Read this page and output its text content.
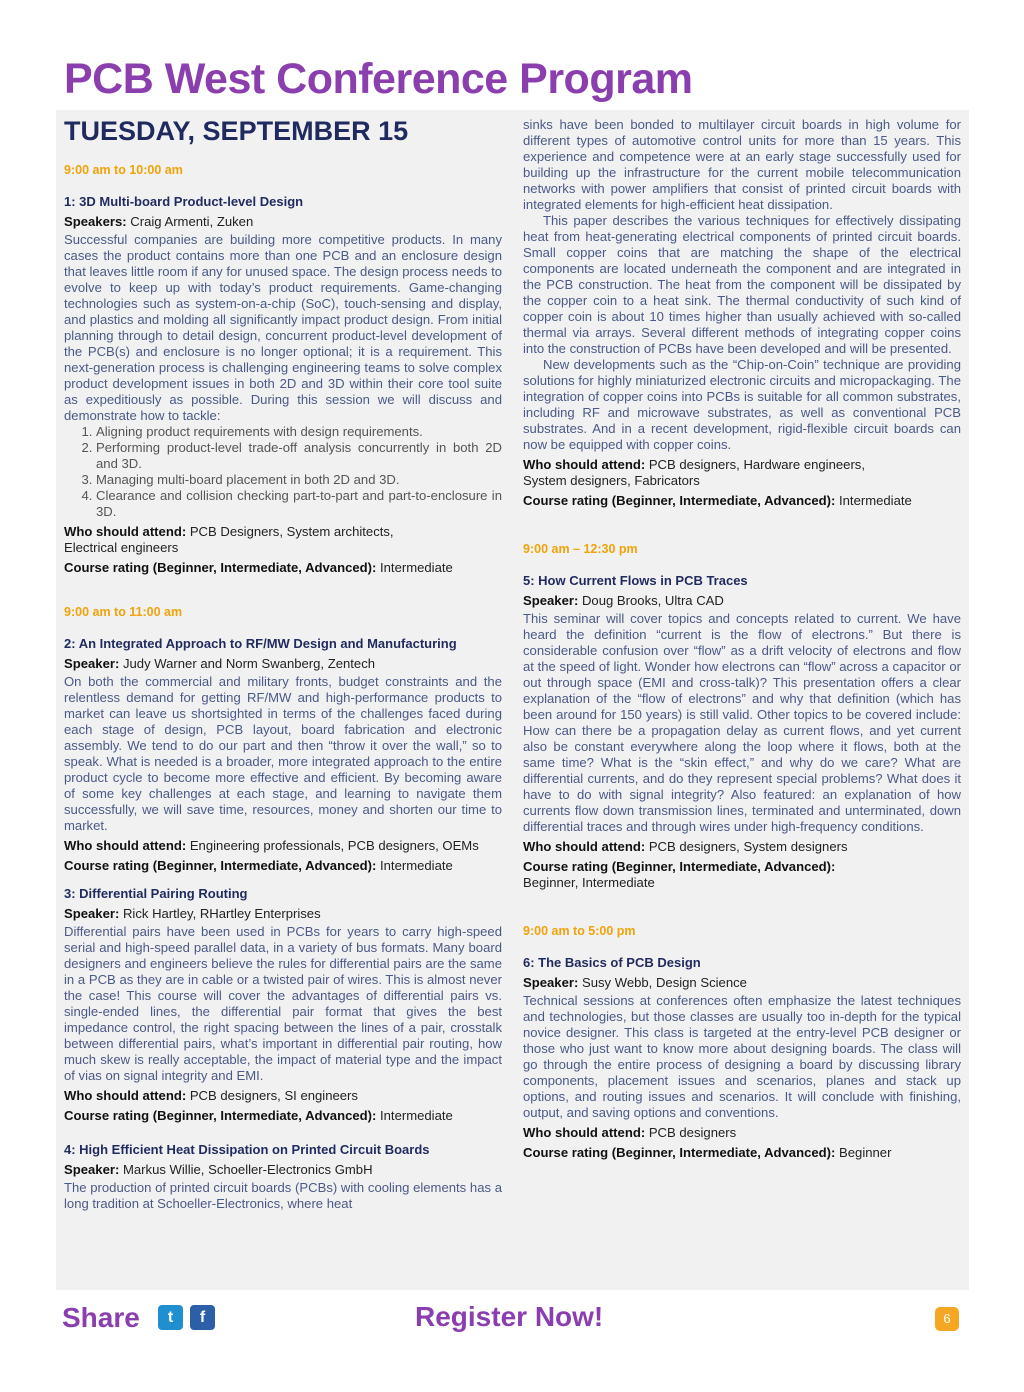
PCB West Conference Program
TUESDAY, SEPTEMBER 15
9:00 am to 10:00 am
1: 3D Multi-board Product-level Design
Speakers: Craig Armenti, Zuken
Successful companies are building more competitive products. In many cases the product contains more than one PCB and an enclosure design that leaves little room if any for unused space. The design process needs to evolve to keep up with today’s product requirements. Game-changing technologies such as system-on-a-chip (SoC), touch-sensing and display, and plastics and molding all significantly impact product design. From initial planning through to detail design, concurrent product-level development of the PCB(s) and enclosure is no longer optional; it is a requirement. This next-generation process is challenging engineering teams to solve complex product development issues in both 2D and 3D within their core tool suite as expeditiously as possible. During this session we will discuss and demonstrate how to tackle:
1. Aligning product requirements with design requirements.
2. Performing product-level trade-off analysis concurrently in both 2D and 3D.
3. Managing multi-board placement in both 2D and 3D.
4. Clearance and collision checking part-to-part and part-to-enclosure in 3D.
Who should attend: PCB Designers, System architects,
Electrical engineers
Course rating (Beginner, Intermediate, Advanced): Intermediate
9:00 am to 11:00 am
2: An Integrated Approach to RF/MW Design and Manufacturing
Speaker: Judy Warner and Norm Swanberg, Zentech
On both the commercial and military fronts, budget constraints and the relentless demand for getting RF/MW and high-performance products to market can leave us shortsighted in terms of the challenges faced during each stage of design, PCB layout, board fabrication and electronic assembly. We tend to do our part and then “throw it over the wall,” so to speak. What is needed is a broader, more integrated approach to the entire product cycle to become more effective and efficient. By becoming aware of some key challenges at each stage, and learning to navigate them successfully, we will save time, resources, money and shorten our time to market.
Who should attend: Engineering professionals, PCB designers, OEMs
Course rating (Beginner, Intermediate, Advanced): Intermediate
3: Differential Pairing Routing
Speaker: Rick Hartley, RHartley Enterprises
Differential pairs have been used in PCBs for years to carry high-speed serial and high-speed parallel data, in a variety of bus formats. Many board designers and engineers believe the rules for differential pairs are the same in a PCB as they are in cable or a twisted pair of wires. This is almost never the case! This course will cover the advantages of differential pairs vs. single-ended lines, the differential pair format that gives the best impedance control, the right spacing between the lines of a pair, crosstalk between differential pairs, what’s important in differential pair routing, how much skew is really acceptable, the impact of material type and the impact of vias on signal integrity and EMI.
Who should attend: PCB designers, SI engineers
Course rating (Beginner, Intermediate, Advanced): Intermediate
4: High Efficient Heat Dissipation on Printed Circuit Boards
Speaker: Markus Willie, Schoeller-Electronics GmbH
The production of printed circuit boards (PCBs) with cooling elements has a long tradition at Schoeller-Electronics, where heat
sinks have been bonded to multilayer circuit boards in high volume for different types of automotive control units for more than 15 years. This experience and competence were at an early stage successfully used for building up the infrastructure for the current mobile telecommunication networks with power amplifiers that consist of printed circuit boards with integrated elements for high-efficient heat dissipation.
This paper describes the various techniques for effectively dissipating heat from heat-generating electrical components of printed circuit boards. Small copper coins that are matching the shape of the electrical components are located underneath the component and are integrated in the PCB construction. The heat from the component will be dissipated by the copper coin to a heat sink. The thermal conductivity of such kind of copper coin is about 10 times higher than usually achieved with so-called thermal via arrays. Several different methods of integrating copper coins into the construction of PCBs have been developed and will be presented.
New developments such as the “Chip-on-Coin” technique are providing solutions for highly miniaturized electronic circuits and micropackaging. The integration of copper coins into PCBs is suitable for all common substrates, including RF and microwave substrates, as well as conventional PCB substrates. And in a recent development, rigid-flexible circuit boards can now be equipped with copper coins.
Who should attend: PCB designers, Hardware engineers,
System designers, Fabricators
Course rating (Beginner, Intermediate, Advanced): Intermediate
9:00 am – 12:30 pm
5: How Current Flows in PCB Traces
Speaker: Doug Brooks, Ultra CAD
This seminar will cover topics and concepts related to current. We have heard the definition “current is the flow of electrons.” But there is considerable confusion over “flow” as a drift velocity of electrons and flow at the speed of light. Wonder how electrons can “flow” across a capacitor or out through space (EMI and cross-talk)? This presentation offers a clear explanation of the “flow of electrons” and why that definition (which has been around for 150 years) is still valid. Other topics to be covered include: How can there be a propagation delay as current flows, and yet current also be constant everywhere along the loop where it flows, both at the same time? What is the “skin effect,” and why do we care? What are differential currents, and do they represent special problems? What does it have to do with signal integrity? Also featured: an explanation of how currents flow down transmission lines, terminated and unterminated, down differential traces and through wires under high-frequency conditions.
Who should attend: PCB designers, System designers
Course rating (Beginner, Intermediate, Advanced):
Beginner, Intermediate
9:00 am to 5:00 pm
6: The Basics of PCB Design
Speaker: Susy Webb, Design Science
Technical sessions at conferences often emphasize the latest techniques and technologies, but those classes are usually too in-depth for the typical novice designer. This class is targeted at the entry-level PCB designer or those who just want to know more about designing boards. The class will go through the entire process of designing a board by discussing library components, placement issues and scenarios, planes and stack up options, and routing issues and scenarios. It will conclude with finishing, output, and saving options and conventions.
Who should attend: PCB designers
Course rating (Beginner, Intermediate, Advanced): Beginner
Share	t	f	Register Now!	6
